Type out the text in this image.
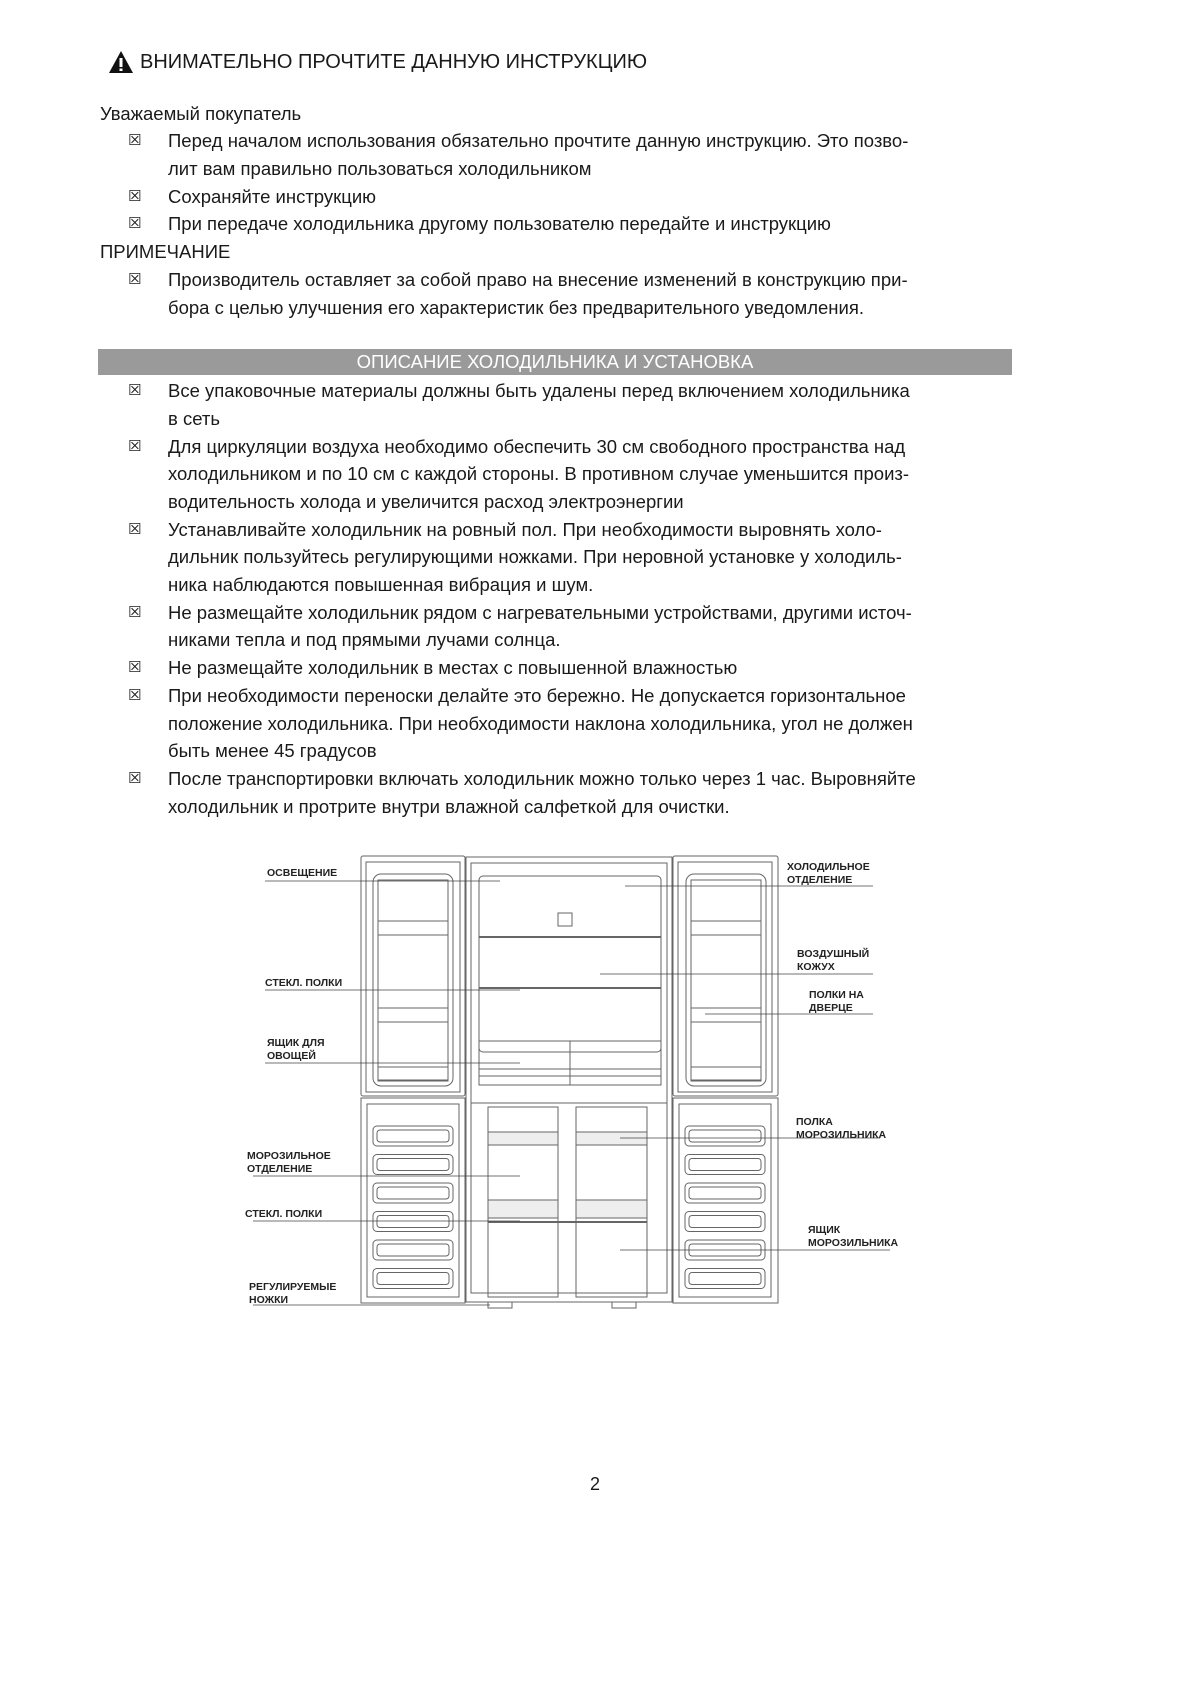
ВНИМАТЕЛЬНО ПРОЧТИТЕ ДАННУЮ ИНСТРУКЦИЮ
Уважаемый покупатель
☒ Перед началом использования обязательно прочтите данную инструкцию. Это позво-
лит вам правильно пользоваться холодильником
☒ Сохраняйте инструкцию
☒ При передаче холодильника другому пользователю передайте и инструкцию
ПРИМЕЧАНИЕ
☒ Производитель оставляет за собой право на внесение изменений в конструкцию при-
бора с целью улучшения его характеристик без предварительного уведомления.
ОПИСАНИЕ ХОЛОДИЛЬНИКА И УСТАНОВКА
☒ Все упаковочные материалы должны быть удалены перед включением холодильника
в сеть
☒ Для циркуляции воздуха необходимо обеспечить 30 см свободного пространства над
холодильником и по 10 см с каждой стороны. В противном случае уменьшится произ-
водительность холода и увеличится расход электроэнергии
☒ Устанавливайте холодильник на ровный пол. При необходимости выровнять холо-
дильник пользуйтесь регулирующими ножками. При неровной установке у холодиль-
ника наблюдаются повышенная вибрация и шум.
☒ Не размещайте холодильник рядом с нагревательными устройствами, другими источ-
никами тепла и под прямыми лучами солнца.
☒ Не размещайте холодильник в местах с повышенной влажностью
☒ При необходимости переноски делайте это бережно. Не допускается горизонтальное
положение холодильника. При необходимости наклона холодильника, угол не должен
быть менее 45 градусов
☒ После транспортировки включать холодильник можно только через 1 час. Выровняйте
холодильник и протрите внутри влажной салфеткой для очистки.
ОСВЕЩЕНИЕ
СТЕКЛ. ПОЛКИ
ЯЩИК ДЛЯ
ОВОЩЕЙ
МОРОЗИЛЬНОЕ
ОТДЕЛЕНИЕ
СТЕКЛ. ПОЛКИ
РЕГУЛИРУЕМЫЕ
НОЖКИ
ХОЛОДИЛЬНОЕ
ОТДЕЛЕНИЕ
ВОЗДУШНЫЙ
КОЖУХ
ПОЛКИ НА
ДВЕРЦЕ
ПОЛКА
МОРОЗИЛЬНИКА
ЯЩИК
МОРОЗИЛЬНИКА
2
